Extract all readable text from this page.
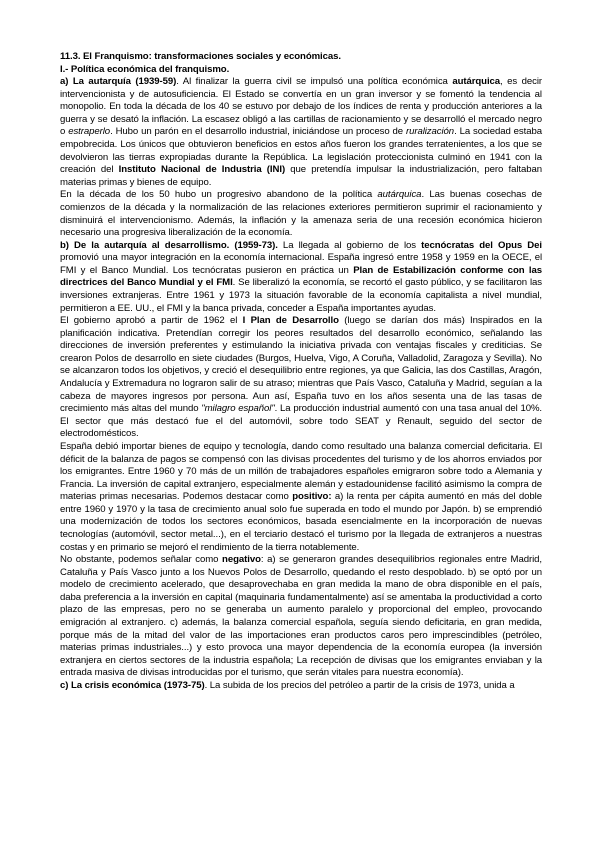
11.3. El Franquismo: transformaciones sociales y económicas.

I.- Política económica del franquismo.

a) La autarquía (1939-59). Al finalizar la guerra civil se impulsó una política económica autárquica, es decir intervencionista y de autosuficiencia. El Estado se convertía en un gran inversor y se fomentó la tendencia al monopolio. En toda la década de los 40 se estuvo por debajo de los índices de renta y producción anteriores a la guerra y se desató la inflación. La escasez obligó a las cartillas de racionamiento y se desarrolló el mercado negro o estraperlo. Hubo un parón en el desarrollo industrial, iniciándose un proceso de ruralización. La sociedad estaba empobrecida. Los únicos que obtuvieron beneficios en estos años fueron los grandes terratenientes, a los que se devolvieron las tierras expropiadas durante la República. La legislación proteccionista culminó en 1941 con la creación del Instituto Nacional de Industria (INI) que pretendía impulsar la industrialización, pero faltaban materias primas y bienes de equipo.

En la década de los 50 hubo un progresivo abandono de la política autárquica. Las buenas cosechas de comienzos de la década y la normalización de las relaciones exteriores permitieron suprimir el racionamiento y disminuirá el intervencionismo. Además, la inflación y la amenaza seria de una recesión económica hicieron necesario una progresiva liberalización de la economía.

b) De la autarquía al desarrollismo. (1959-73). La llegada al gobierno de los tecnócratas del Opus Dei promovió una mayor integración en la economía internacional. España ingresó entre 1958 y 1959 en la OECE, el FMI y el Banco Mundial. Los tecnócratas pusieron en práctica un Plan de Estabilización conforme con las directrices del Banco Mundial y el FMI. Se liberalizó la economía, se recortó el gasto público, y se facilitaron las inversiones extranjeras. Entre 1961 y 1973 la situación favorable de la economía capitalista a nivel mundial, permitieron a EE. UU., el FMI y la banca privada, conceder a España importantes ayudas.

El gobierno aprobó a partir de 1962 el I Plan de Desarrollo (luego se darían dos más) Inspirados en la planificación indicativa. Pretendían corregir los peores resultados del desarrollo económico, señalando las direcciones de inversión preferentes y estimulando la iniciativa privada con ventajas fiscales y crediticias. Se crearon Polos de desarrollo en siete ciudades (Burgos, Huelva, Vigo, A Coruña, Valladolid, Zaragoza y Sevilla). No se alcanzaron todos los objetivos, y creció el desequilibrio entre regiones, ya que Galicia, las dos Castillas, Aragón, Andalucía y Extremadura no lograron salir de su atraso; mientras que País Vasco, Cataluña y Madrid, seguían a la cabeza de mayores ingresos por persona. Aun así, España tuvo en los años sesenta una de las tasas de crecimiento más altas del mundo "milagro español". La producción industrial aumentó con una tasa anual del 10%. El sector que más destacó fue el del automóvil, sobre todo SEAT y Renault, seguido del sector de electrodomésticos.

España debió importar bienes de equipo y tecnología, dando como resultado una balanza comercial deficitaria. El déficit de la balanza de pagos se compensó con las divisas procedentes del turismo y de los ahorros enviados por los emigrantes. Entre 1960 y 70 más de un millón de trabajadores españoles emigraron sobre todo a Alemania y Francia. La inversión de capital extranjero, especialmente alemán y estadounidense facilitó asimismo la compra de materias primas necesarias. Podemos destacar como positivo: a) la renta per cápita aumentó en más del doble entre 1960 y 1970 y la tasa de crecimiento anual solo fue superada en todo el mundo por Japón. b) se emprendió una modernización de todos los sectores económicos, basada esencialmente en la incorporación de nuevas tecnologías (automóvil, sector metal...), en el terciario destacó el turismo por la llegada de extranjeros a nuestras costas y en primario se mejoró el rendimiento de la tierra notablemente.

No obstante, podemos señalar como negativo: a) se generaron grandes desequilibrios regionales entre Madrid, Cataluña y País Vasco junto a los Nuevos Polos de Desarrollo, quedando el resto despoblado. b) se optó por un modelo de crecimiento acelerado, que desaprovechaba en gran medida la mano de obra disponible en el país, daba preferencia a la inversión en capital (maquinaria fundamentalmente) así se amentaba la productividad a corto plazo de las empresas, pero no se generaba un aumento paralelo y proporcional del empleo, provocando emigración al extranjero. c) además, la balanza comercial española, seguía siendo deficitaria, en gran medida, porque más de la mitad del valor de las importaciones eran productos caros pero imprescindibles (petróleo, materias primas industriales...) y esto provoca una mayor dependencia de la economía europea (la inversión extranjera en ciertos sectores de la industria española; La recepción de divisas que los emigrantes enviaban y la entrada masiva de divisas introducidas por el turismo, que serán vitales para nuestra economía).

c) La crisis económica (1973-75). La subida de los precios del petróleo a partir de la crisis de 1973, unida a
